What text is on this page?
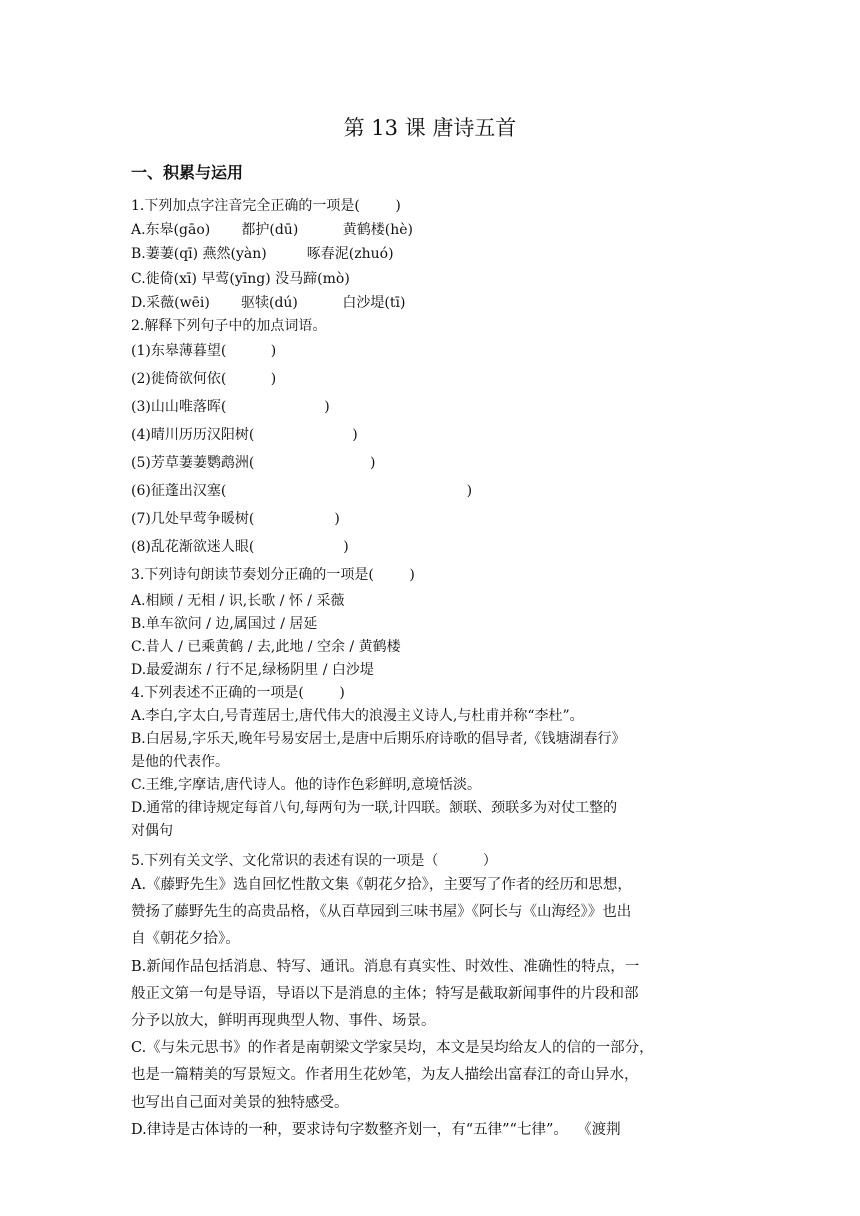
第 13 课 唐诗五首
一、积累与运用
1.下列加点字注音完全正确的一项是(        )
A.东皋(gāo)       都护(dū)          黄鹤楼(hè)
B.萋萋(qī) 燕然(yàn)         啄春泥(zhuó)
C.徙倚(xī) 早莺(yīng) 没马蹄(mò)
D.采薇(wēi)       驱犊(dú)          白沙堤(tī)
2.解释下列句子中的加点词语。
(1)东皋薄暮望(          )
(2)徙倚欲何依(          )
(3)山山唯落晖(                      )
(4)晴川历历汉阳树(                      )
(5)芳草萋萋鹦鹉洲(                          )
(6)征蓬出汉塞(                                                      )
(7)几处早莺争暖树(                  )
(8)乱花渐欲迷人眼(                    )
3.下列诗句朗读节奏划分正确的一项是(        )
A.相顾 / 无相 / 识,长歌 / 怀 / 采薇
B.单车欲问 / 边,属国过 / 居延
C.昔人 / 已乘黄鹤 / 去,此地 / 空余 / 黄鹤楼
D.最爱湖东 / 行不足,绿杨阴里 / 白沙堤
4.下列表述不正确的一项是(        )
A.李白,字太白,号青莲居士,唐代伟大的浪漫主义诗人,与杜甫并称“李杜”。
B.白居易,字乐天,晚年号易安居士,是唐中后期乐府诗歌的倡导者,《钱塘湖春行》
是他的代表作。
C.王维,字摩诘,唐代诗人。他的诗作色彩鲜明,意境恬淡。
D.通常的律诗规定每首八句,每两句为一联,计四联。颔联、颈联多为对仗工整的
对偶句
5.下列有关文学、文化常识的表述有误的一项是（          ）
A.《藤野先生》选自回忆性散文集《朝花夕拾》，主要写了作者的经历和思想，
赞扬了藤野先生的高贵品格，《从百草园到三味书屋》《阿长与《山海经》》也出
自《朝花夕拾》。
B.新闻作品包括消息、特写、通讯。消息有真实性、时效性、准确性的特点，一
般正文第一句是导语，导语以下是消息的主体；特写是截取新闻事件的片段和部
分予以放大，鲜明再现典型人物、事件、场景。
C.《与朱元思书》的作者是南朝梁文学家吴均，本文是吴均给友人的信的一部分，
也是一篇精美的写景短文。作者用生花妙笔，为友人描绘出富春江的奇山异水，
也写出自己面对美景的独特感受。
D.律诗是古体诗的一种，要求诗句字数整齐划一，有“五律”“七律”。  《渡荆
